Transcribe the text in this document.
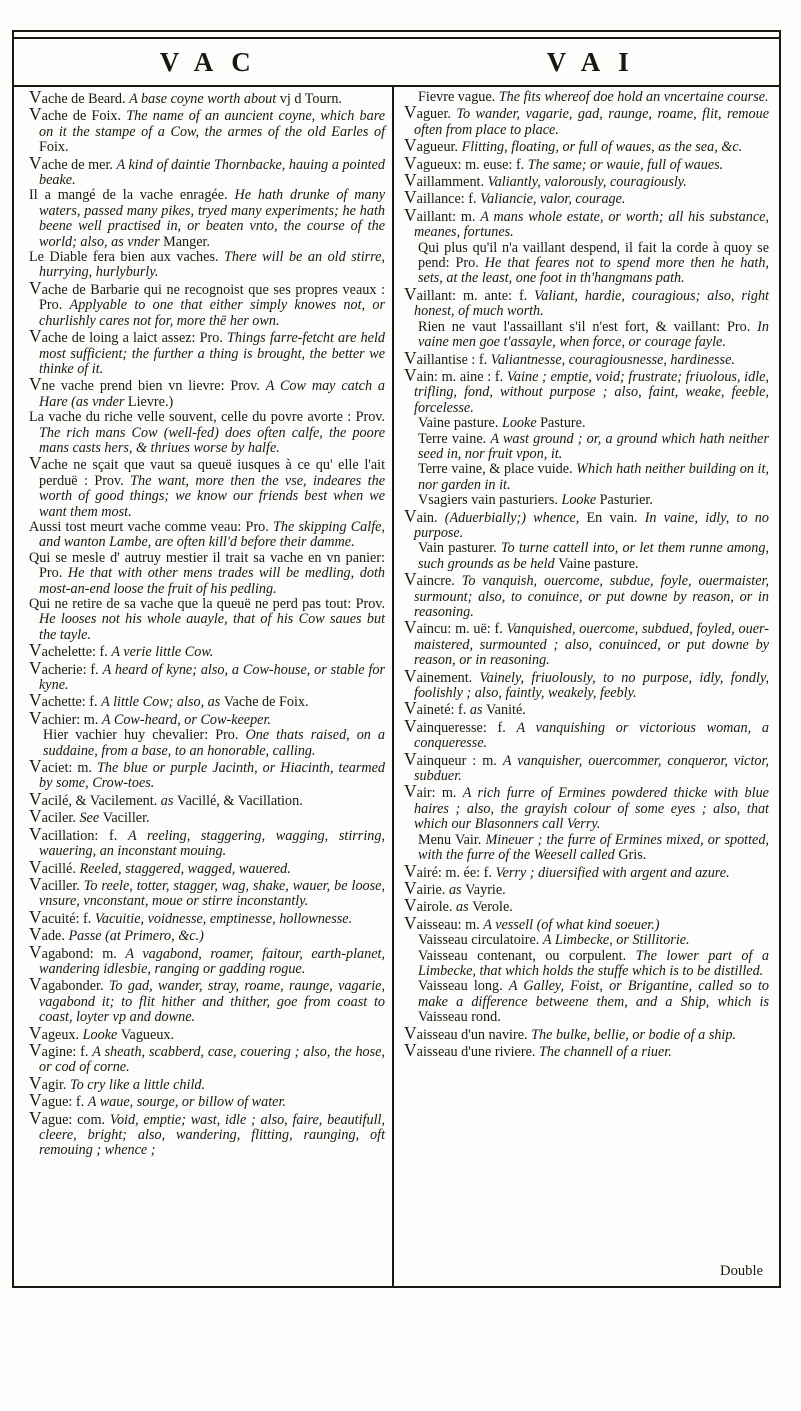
VAC	VAI

Vache de Beard. A base coyne worth about vj d Tourn.

Vache de Foix. The name of an auncient coyne, which bare on it the stampe of a Cow, the armes of the old Earles of Foix.

Vache de mer. A kind of daintie Thornbacke, hauing a pointed beake.

Il a mangé de la vache enragée. He hath drunke of many waters, passed many pikes, tryed many experiments; he hath beene well practised in, or beaten vnto, the course of the world; also, as vnder Manger.

Le Diable fera bien aux vaches. There will be an old stirre, hurrying, hurlyburly.

Vache de Barbarie qui ne recognoist que ses propres veaux : Pro. Applyable to one that either simply knowes not, or churlishly cares not for, more thē her own.

Vache de loing a laict assez: Pro. Things farre-fetcht are held most sufficient; the further a thing is brought, the better we thinke of it.

Vne vache prend bien vn lievre: Prov. A Cow may catch a Hare (as vnder Lievre.)

La vache du riche velle souvent, celle du povre avorte : Prov. The rich mans Cow (well-fed) does often calfe, the poore mans casts hers, & thriues worse by halfe.

Vache ne sçait que vaut sa queuë iusques à ce qu' elle l'ait perduë : Prov. The want, more then the vse, indeares the worth of good things; we know our friends best when we want them most.

Aussi tost meurt vache comme veau: Pro. The skipping Calfe, and wanton Lambe, are often kill'd before their damme.

Qui se mesle d' autruy mestier il trait sa vache en vn panier: Pro. He that with other mens trades will be medling, doth most-an-end loose the fruit of his pedling.

Qui ne retire de sa vache que la queuë ne perd pas tout: Prov. He looses not his whole auayle, that of his Cow saues but the tayle.

Vachelette: f. A verie little Cow.

Vacherie: f. A heard of kyne; also, a Cow-house, or stable for kyne.

Vachette: f. A little Cow; also, as Vache de Foix.

Vachier: m. A Cow-heard, or Cow-keeper.

Hier vachier huy chevalier: Pro. One thats raised, on a suddaine, from a base, to an honorable, calling.

Vaciet: m. The blue or purple Jacinth, or Hiacinth, tearmed by some, Crow-toes.

Vacilé, & Vacilement. as Vacillé, & Vacillation.

Vaciler. See Vaciller.

Vacillation: f. A reeling, staggering, wagging, stirring, wauering, an inconstant mouing.

Vacillé. Reeled, staggered, wagged, wauered.

Vaciller. To reele, totter, stagger, wag, shake, wauer, be loose, vnsure, vnconstant, moue or stirre inconstantly.

Vacuité: f. Vacuitie, voidnesse, emptinesse, hollownesse.

Vade. Passe (at Primero, &c.)

Vagabond: m. A vagabond, roamer, faitour, earth-planet, wandering idlesbie, ranging or gadding rogue.

Vagabonder. To gad, wander, stray, roame, raunge, vagarie, vagabond it; to flit hither and thither, goe from coast to coast, loyter vp and downe.

Vageux. Looke Vagueux.

Vagine: f. A sheath, scabberd, case, couering ; also, the hose, or cod of corne.

Vagir. To cry like a little child.

Vague: f. A waue, sourge, or billow of water.

Vague: com. Void, emptie; wast, idle ; also, faire, beautifull, cleere, bright; also, wandering, flitting, raunging, oft remouing ; whence ;

Fievre vague. The fits whereof doe hold an vncertaine course.

Vaguer. To wander, vagarie, gad, raunge, roame, flit, remoue often from place to place.

Vagueur. Flitting, floating, or full of waues, as the sea, &c.

Vagueux: m. euse: f. The same; or wauie, full of waues.

Vaillamment. Valiantly, valorously, couragiously.

Vaillance: f. Valiancie, valor, courage.

Vaillant: m. A mans whole estate, or worth; all his substance, meanes, fortunes.

Qui plus qu'il n'a vaillant despend, il fait la corde à quoy se pend: Pro. He that feares not to spend more then he hath, sets, at the least, one foot in th'hangmans path.

Vaillant: m. ante: f. Valiant, hardie, couragious; also, right honest, of much worth.

Rien ne vaut l'assaillant s'il n'est fort, & vaillant: Pro. In vaine men goe t'assayle, when force, or courage fayle.

Vaillantise : f. Valiantnesse, couragiousnesse, hardinesse.

Vain: m. aine : f. Vaine ; emptie, void; frustrate; friuolous, idle, trifling, fond, without purpose ; also, faint, weake, feeble, forcelesse.

Vaine pasture. Looke Pasture.

Terre vaine. A wast ground ; or, a ground which hath neither seed in, nor fruit vpon, it.

Terre vaine, & place vuide. Which hath neither building on it, nor garden in it.

Vsagiers vain pasturiers. Looke Pasturier.

Vain. (Aduerbially;) whence, En vain. In vaine, idly, to no purpose.

Vain pasturer. To turne cattell into, or let them runne among, such grounds as be held Vaine pasture.

Vaincre. To vanquish, ouercome, subdue, foyle, ouermaister, surmount; also, to conuince, or put downe by reason, or in reasoning.

Vaincu: m. uë: f. Vanquished, ouercome, subdued, foyled, ouer-maistered, surmounted ; also, conuinced, or put downe by reason, or in reasoning.

Vainement. Vainely, friuolously, to no purpose, idly, fondly, foolishly ; also, faintly, weakely, feebly.

Vaineté: f. as Vanité.

Vainqueresse: f. A vanquishing or victorious woman, a conqueresse.

Vainqueur : m. A vanquisher, ouercommer, conqueror, victor, subduer.

Vair: m. A rich furre of Ermines powdered thicke with blue haires ; also, the grayish colour of some eyes ; also, that which our Blasonners call Verry.

Menu Vair. Mineuer ; the furre of Ermines mixed, or spotted, with the furre of the Weesell called Gris.

Vairé: m. ée: f. Verry ; diuersified with argent and azure.

Vairie. as Vayrie.

Vairole. as Verole.

Vaisseau: m. A vessell (of what kind soeuer.)

Vaisseau circulatoire. A Limbecke, or Stillitorie.

Vaisseau contenant, ou corpulent. The lower part of a Limbecke, that which holds the stuffe which is to be distilled.

Vaisseau long. A Galley, Foist, or Brigantine, called so to make a difference betweene them, and a Ship, which is Vaisseau rond.

Vaisseau d'un navire. The bulke, bellie, or bodie of a ship.

Vaisseau d'une riviere. The channell of a riuer.

Double
